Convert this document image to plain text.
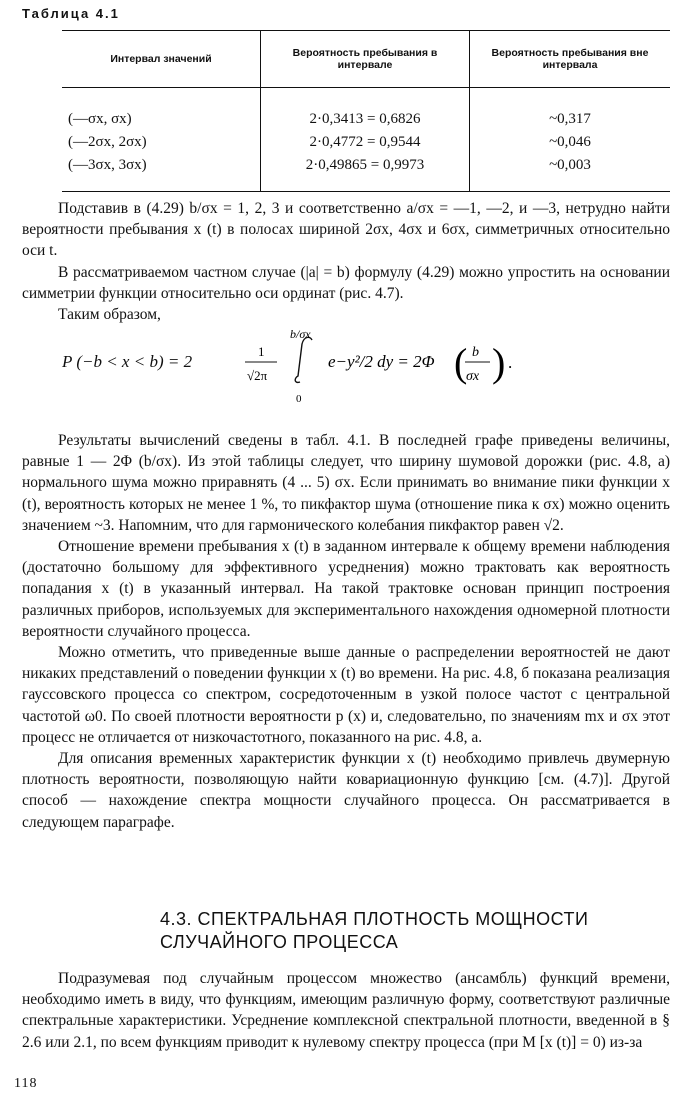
Таблица 4.1
Интервал значений	Вероятность пребывания в интервале	Вероятность пребывания вне интервала
(—σx, σx)	2·0,3413 = 0,6826	~0,317
(—2σx, 2σx)	2·0,4772 = 0,9544	~0,046
(—3σx, 3σx)	2·0,49865 = 0,9973	~0,003

Подставив в (4.29) b/σx = 1, 2, 3 и соответственно a/σx = —1, —2, и —3, нетрудно найти вероятности пребывания x (t) в полосах шириной 2σx, 4σx и 6σx, симметричных относительно оси t.

В рассматриваемом частном случае (|a| = b) формулу (4.29) можно упростить на основании симметрии функции относительно оси ординат (рис. 4.7).

Таким образом,

P (−b < x < b) = 2
1
√2π
b/σx
0
e−y²/2 dy = 2Φ ( b
σx ) .

Результаты вычислений сведены в табл. 4.1. В последней графе приведены величины, равные 1 — 2Φ (b/σx). Из этой таблицы следует, что ширину шумовой дорожки (рис. 4.8, а) нормального шума можно приравнять (4 ... 5) σx. Если принимать во внимание пики функции x (t), вероятность которых не менее 1 %, то пикфактор шума (отношение пика к σx) можно оценить значением ~3. Напомним, что для гармонического колебания пикфактор равен √2.

Отношение времени пребывания x (t) в заданном интервале к общему времени наблюдения (достаточно большому для эффективного усреднения) можно трактовать как вероятность попадания x (t) в указанный интервал. На такой трактовке основан принцип построения различных приборов, используемых для экспериментального нахождения одномерной плотности вероятности случайного процесса.

Можно отметить, что приведенные выше данные о распределении вероятностей не дают никаких представлений о поведении функции x (t) во времени. На рис. 4.8, б показана реализация гауссовского процесса со спектром, сосредоточенным в узкой полосе частот с центральной частотой ω0. По своей плотности вероятности p (x) и, следовательно, по значениям mx и σx этот процесс не отличается от низкочастотного, показанного на рис. 4.8, а.

Для описания временных характеристик функции x (t) необходимо привлечь двумерную плотность вероятности, позволяющую найти ковариационную функцию [см. (4.7)]. Другой способ — нахождение спектра мощности случайного процесса. Он рассматривается в следующем параграфе.

4.3. СПЕКТРАЛЬНАЯ ПЛОТНОСТЬ МОЩНОСТИ
СЛУЧАЙНОГО ПРОЦЕССА

Подразумевая под случайным процессом множество (ансамбль) функций времени, необходимо иметь в виду, что функциям, имеющим различную форму, соответствуют различные спектральные характеристики. Усреднение комплексной спектральной плотности, введенной в § 2.6 или 2.1, по всем функциям приводит к нулевому спектру процесса (при M [x (t)] = 0) из-за

118
